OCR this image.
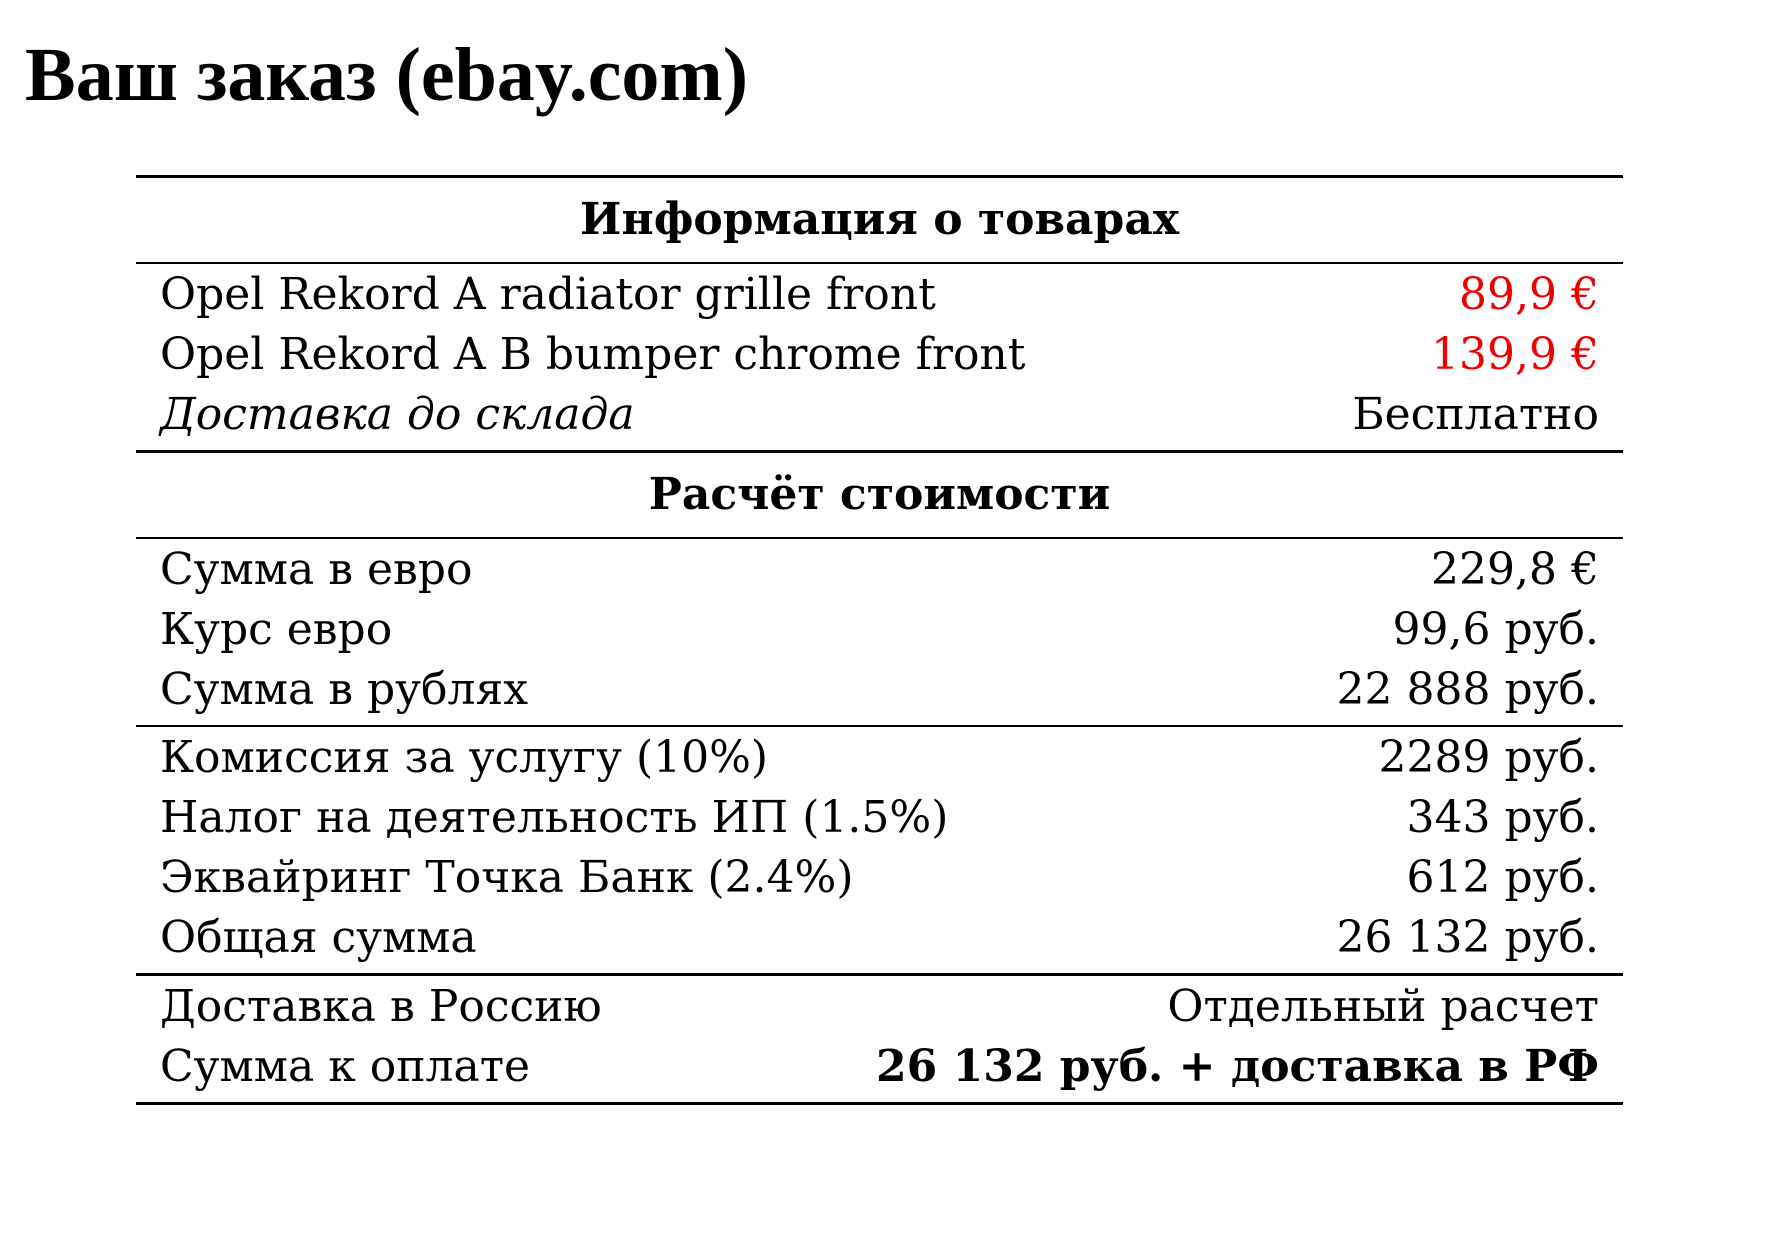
Ваш заказ (ebay.com)
Информация о товарах
Opel Rekord A radiator grille front	89,9 €
Opel Rekord A B bumper chrome front	139,9 €
Доставка до склада	Бесплатно
Расчёт стоимости
Сумма в евро	229,8 €
Курс евро	99,6 руб.
Сумма в рублях	22 888 руб.
Комиссия за услугу (10%)	2289 руб.
Налог на деятельность ИП (1.5%)	343 руб.
Эквайринг Точка Банк (2.4%)	612 руб.
Общая сумма	26 132 руб.
Доставка в Россию	Отдельный расчет
Сумма к оплате	26 132 руб. + доставка в РФ
